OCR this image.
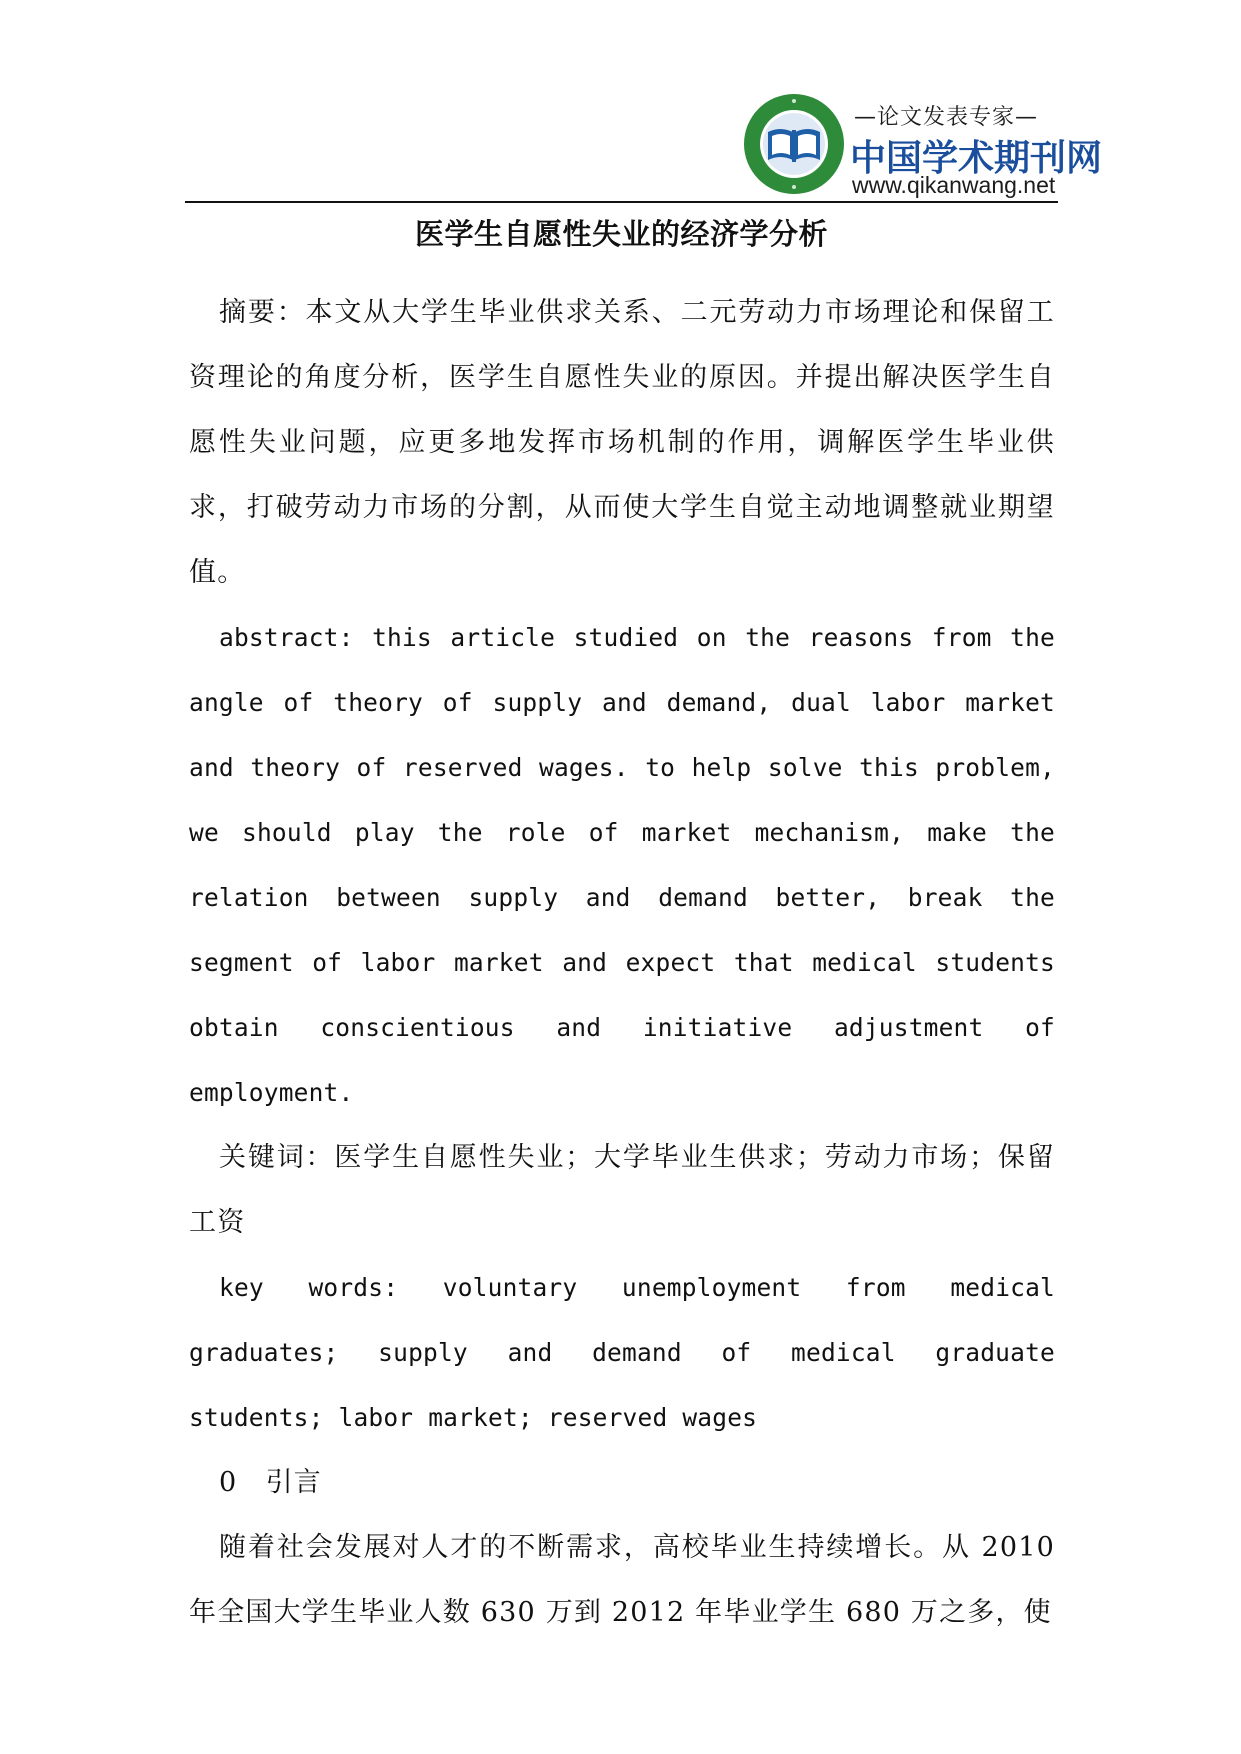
—论文发表专家—
中国学术期刊网
www.qikanwang.net
医学生自愿性失业的经济学分析

摘要：本文从大学生毕业供求关系、二元劳动力市场理论和保留工资理论的角度分析，医学生自愿性失业的原因。并提出解决医学生自愿性失业问题，应更多地发挥市场机制的作用，调解医学生毕业供求，打破劳动力市场的分割，从而使大学生自觉主动地调整就业期望值。

abstract: this article studied on the reasons from the angle of theory of supply and demand, dual labor market and theory of reserved wages. to help solve this problem, we should play the role of market mechanism, make the relation between supply and demand better, break the segment of labor market and expect that medical students obtain conscientious and initiative adjustment of employment.

关键词：医学生自愿性失业；大学毕业生供求；劳动力市场；保留工资

key words: voluntary unemployment from medical graduates; supply and demand of medical graduate students; labor market; reserved wages

0　引言

随着社会发展对人才的不断需求，高校毕业生持续增长。从 2010 年全国大学生毕业人数 630 万到 2012 年毕业学生 680 万之多，使
